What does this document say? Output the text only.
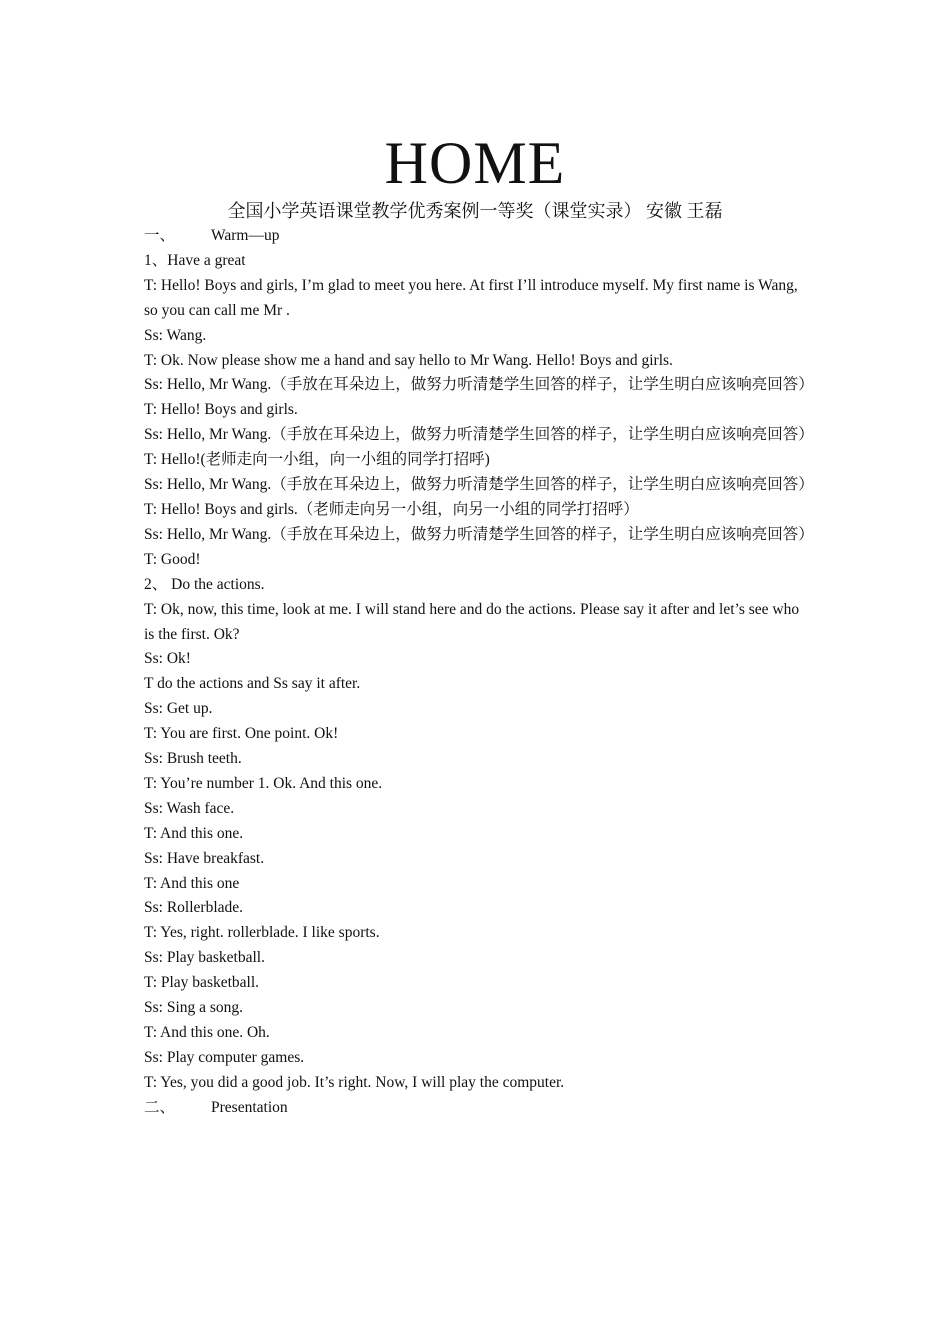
HOME
全国小学英语课堂教学优秀案例一等奖（课堂实录） 安徽 王磊
一、	Warm—up

1、Have a great

T: Hello! Boys and girls, I’m glad to meet you here. At first I’ll introduce myself. My first name is Wang, so you can call me Mr .

Ss: Wang.

T: Ok. Now please show me a hand and say hello to Mr Wang. Hello! Boys and girls.

Ss: Hello, Mr Wang.（手放在耳朵边上，做努力听清楚学生回答的样子，让学生明白应该响亮回答）

T: Hello! Boys and girls.

Ss: Hello, Mr Wang.（手放在耳朵边上，做努力听清楚学生回答的样子，让学生明白应该响亮回答）

T: Hello!(老师走向一小组，向一小组的同学打招呼)

Ss: Hello, Mr Wang.（手放在耳朵边上，做努力听清楚学生回答的样子，让学生明白应该响亮回答）

T: Hello! Boys and girls.（老师走向另一小组，向另一小组的同学打招呼）

Ss: Hello, Mr Wang.（手放在耳朵边上，做努力听清楚学生回答的样子，让学生明白应该响亮回答）

T: Good!

2、 Do the actions.

T: Ok, now, this time, look at me. I will stand here and do the actions. Please say it after and let’s see who is the first. Ok?

Ss: Ok!

T do the actions and Ss say it after.

Ss: Get up.

T: You are first. One point. Ok!

Ss: Brush teeth.

T: You’re number 1. Ok. And this one.

Ss: Wash face.

T: And this one.

Ss: Have breakfast.

T: And this one

Ss: Rollerblade.

T: Yes, right. rollerblade. I like sports.

Ss: Play basketball.

T: Play basketball.

Ss: Sing a song.

T: And this one. Oh.

Ss: Play computer games.

T: Yes, you did a good job. It’s right. Now, I will play the computer.

二、	Presentation
